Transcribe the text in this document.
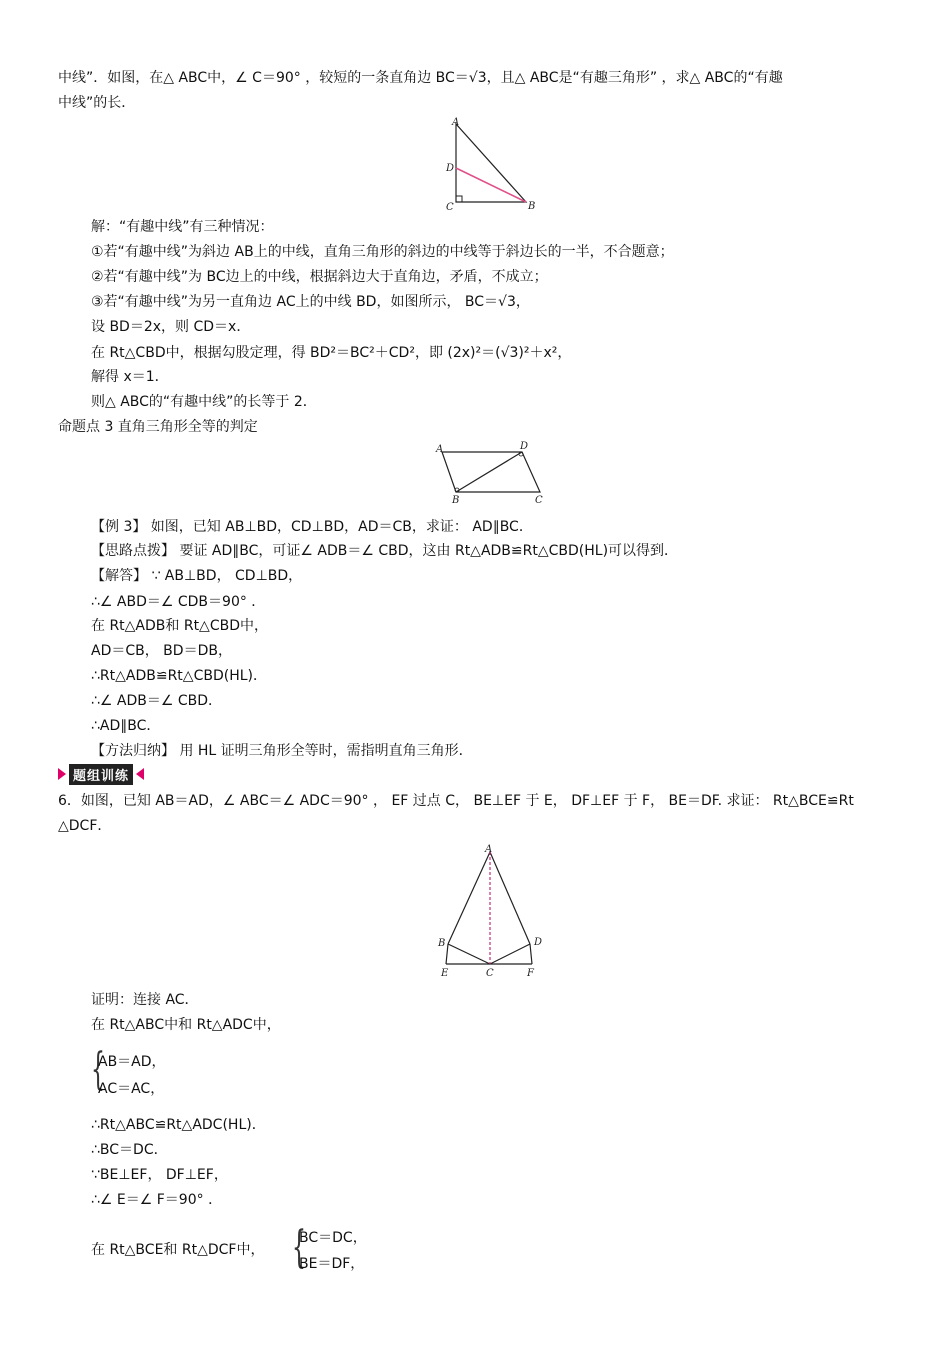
中线”．如图，在△ ABC中，∠ C＝90° ，较短的一条直角边 BC＝√3，且△ ABC是“有趣三角形” ，求△ ABC的“有趣
中线”的长．
A
D
C	B
解：“有趣中线”有三种情况：
①若“有趣中线”为斜边 AB上的中线，直角三角形的斜边的中线等于斜边长的一半，不合题意；
②若“有趣中线”为 BC边上的中线，根据斜边大于直角边，矛盾，不成立；
③若“有趣中线”为另一直角边 AC上的中线 BD，如图所示， BC＝√3，
设 BD＝2x，则 CD＝x．
在 Rt△CBD中，根据勾股定理，得 BD²＝BC²＋CD²，即 (2x)²＝(√3)²＋x²，
解得 x＝1．
则△ ABC的“有趣中线”的长等于 2．
命题点 3 直角三角形全等的判定
A	D
B	C
【例 3】 如图，已知 AB⊥BD，CD⊥BD，AD＝CB，求证： AD∥BC．
【思路点拨】 要证 AD∥BC，可证∠ ADB＝∠ CBD，这由 Rt△ADB≌Rt△CBD(HL)可以得到．
【解答】 ∵ AB⊥BD， CD⊥BD，
∴∠ ABD＝∠ CDB＝90° ．
在 Rt△ADB和 Rt△CBD中，
AD＝CB， BD＝DB，
∴Rt△ADB≌Rt△CBD(HL)．
∴∠ ADB＝∠ CBD．
∴AD∥BC．
【方法归纳】 用 HL 证明三角形全等时，需指明直角三角形．
题组训练
6．如图，已知 AB＝AD，∠ ABC＝∠ ADC＝90° ， EF 过点 C， BE⊥EF 于 E， DF⊥EF 于 F， BE＝DF. 求证： Rt△BCE≌Rt
△DCF．
A
B	D
E	C	F
证明：连接 AC．
在 Rt△ABC中和 Rt△ADC中，
{
AB＝AD，
AC＝AC，
∴Rt△ABC≌Rt△ADC(HL)．
∴BC＝DC．
∵BE⊥EF， DF⊥EF，
∴∠ E＝∠ F＝90° ．
在 Rt△BCE和 Rt△DCF中， {
BC＝DC，
BE＝DF，
